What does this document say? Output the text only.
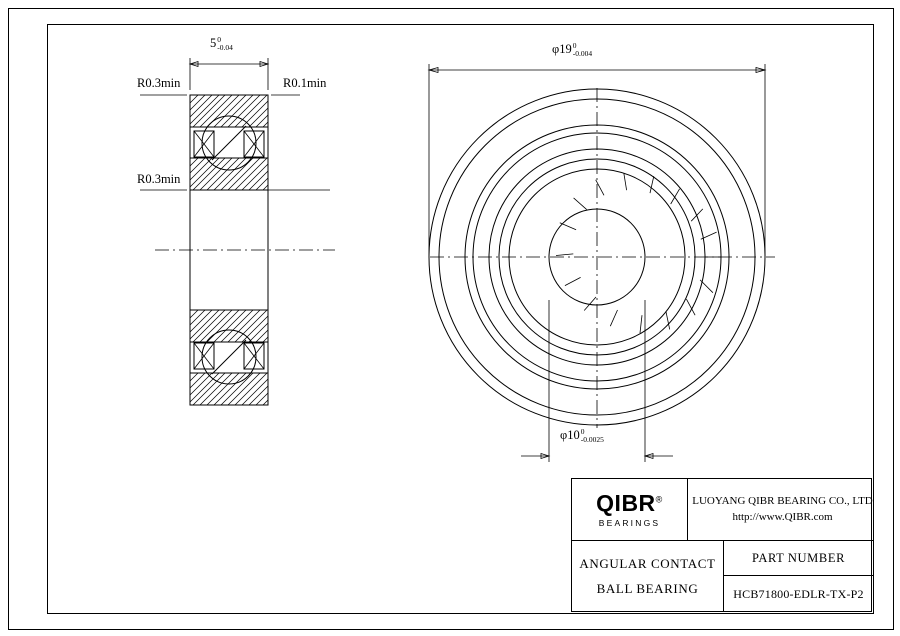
R0.3min	R0.1min
R0.3min
5 0
-0.04	φ19 0
-0.004
φ10 0
-0.0025
QIBR®
BEARINGS
LUOYANG QIBR BEARING CO., LTD
http://www.QIBR.com
ANGULAR CONTACT
BALL BEARING
PART NUMBER
HCB71800-EDLR-TX-P2
